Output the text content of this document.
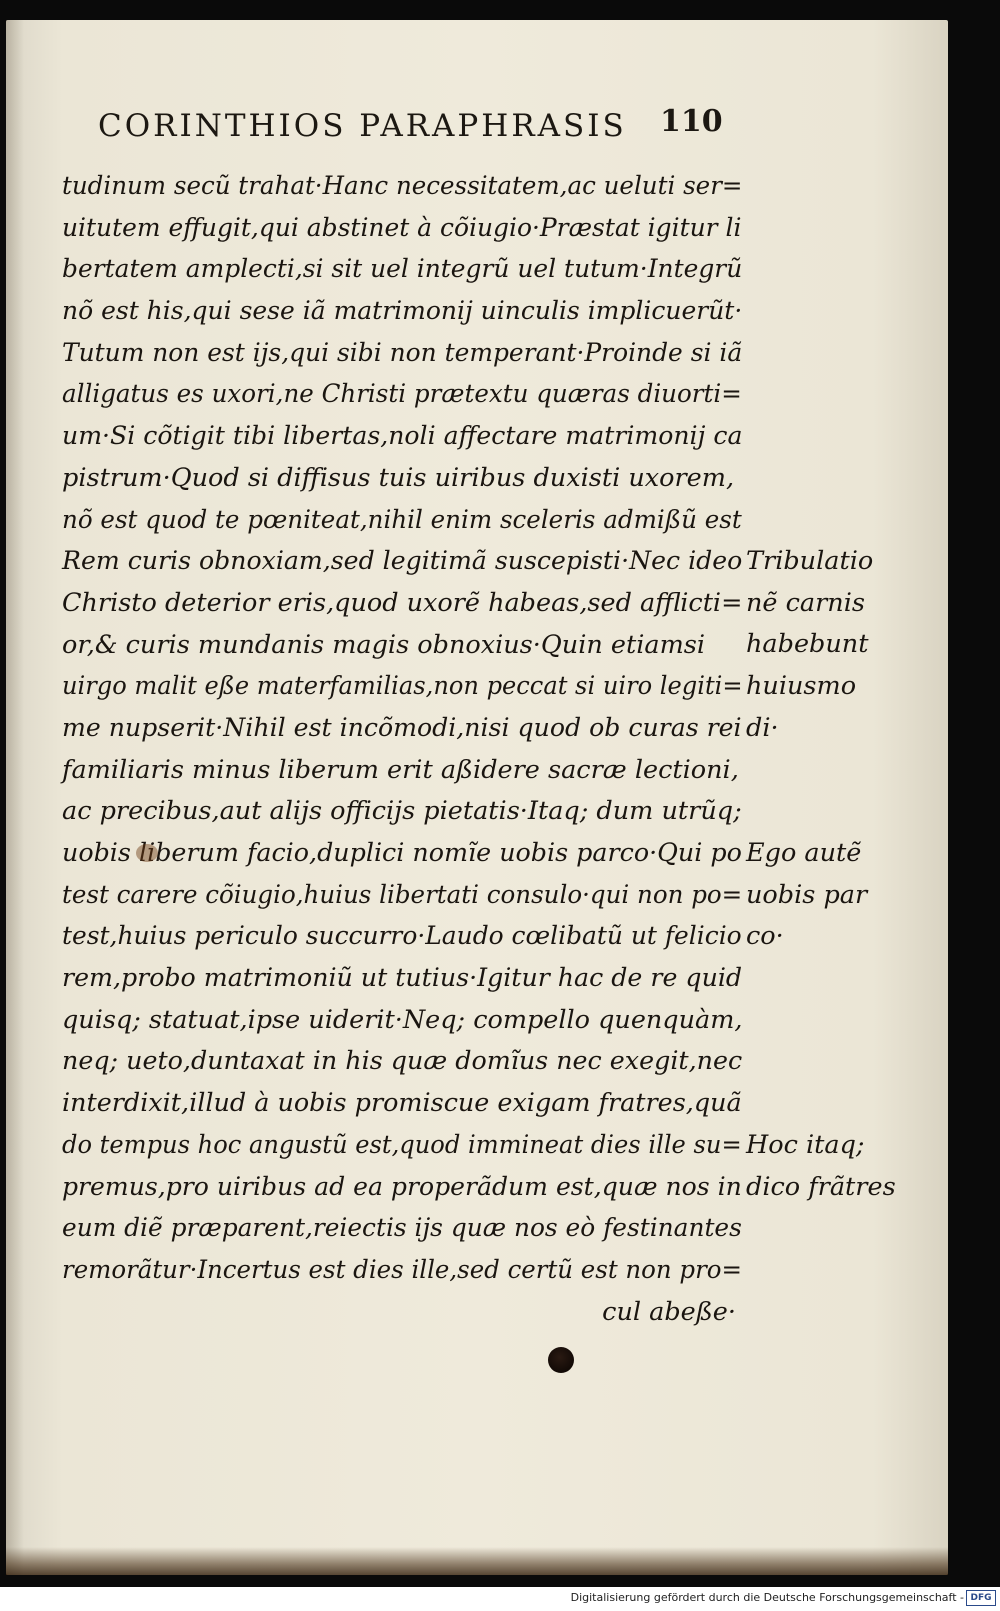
CORINTHIOS PARAPHRASIS	110
tudinum secũ trahat·Hanc necessitatem,ac ueluti ser=
uitutem effugit,qui abstinet à cõiugio·Præstat igitur li
bertatem amplecti,si sit uel integrũ uel tutum·Integrũ
nõ est his,qui sese iã matrimonij uinculis implicuerũt·
Tutum non est ijs,qui sibi non temperant·Proinde si iã
alligatus es uxori,ne Christi prætextu quæras diuorti=
um·Si cõtigit tibi libertas,noli affectare matrimonij ca
pistrum·Quod si diffisus tuis uiribus duxisti uxorem,
nõ est quod te pœniteat,nihil enim sceleris admißũ est
Rem curis obnoxiam,sed legitimã suscepisti·Nec ideo
Christo deterior eris,quod uxorẽ habeas,sed afflicti=
or,& curis mundanis magis obnoxius·Quin etiamsi
uirgo malit eße materfamilias,non peccat si uiro legiti=
me nupserit·Nihil est incõmodi,nisi quod ob curas rei
familiaris minus liberum erit aßidere sacræ lectioni,
ac precibus,aut alijs officijs pietatis·Itaq; dum utrũq;
uobis liberum facio,duplici nomĩe uobis parco·Qui po
test carere cõiugio,huius libertati consulo·qui non po=
test,huius periculo succurro·Laudo cœlibatũ ut felicio
rem,probo matrimoniũ ut tutius·Igitur hac de re quid
quisq; statuat,ipse uiderit·Neq; compello quenquàm,
neq; ueto,duntaxat in his quæ domĩus nec exegit,nec
interdixit,illud à uobis promiscue exigam fratres,quã
do tempus hoc angustũ est,quod immineat dies ille su=
premus,pro uiribus ad ea properãdum est,quæ nos in
eum diẽ præparent,reiectis ijs quæ nos eò festinantes
remorãtur·Incertus est dies ille,sed certũ est non pro=
cul abeße·
Tribulatio
nẽ carnis
habebunt
huiusmo
di·
Ego autẽ
uobis par
co·
Hoc itaq;
dico frãtres
Digitalisierung gefördert durch die Deutsche Forschungsgemeinschaft - DFG
